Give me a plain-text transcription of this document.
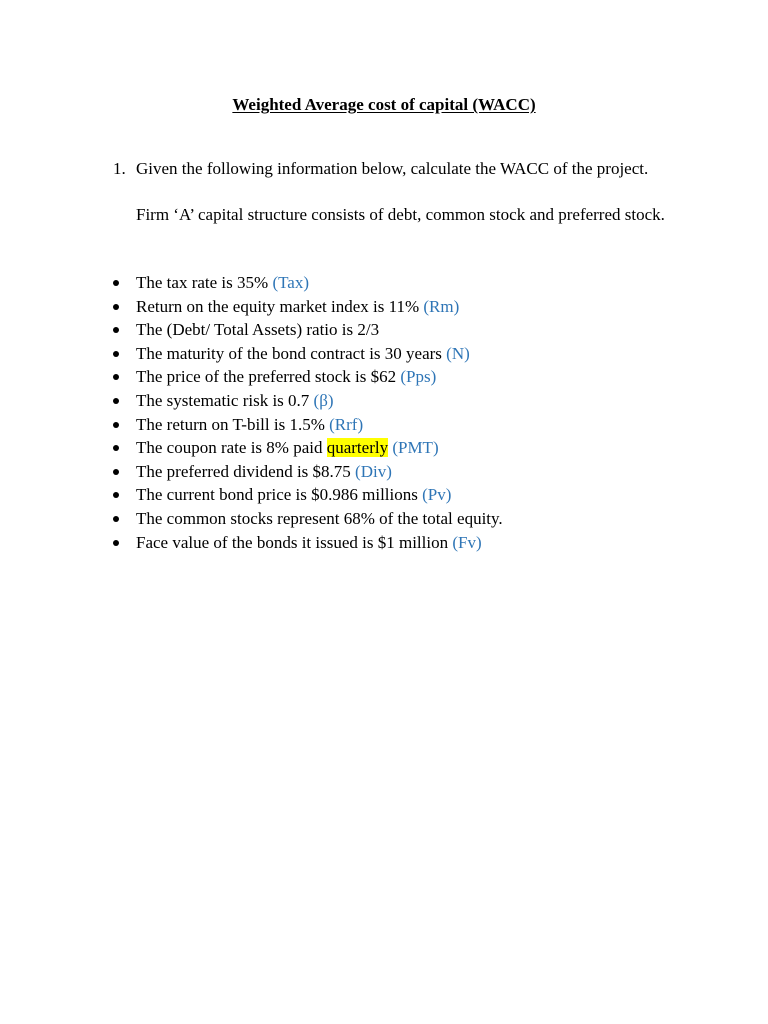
Weighted Average cost of capital (WACC)
1. Given the following information below, calculate the WACC of the project.
Firm ‘A’ capital structure consists of debt, common stock and preferred stock.
The tax rate is 35% (Tax)
Return on the equity market index is 11% (Rm)
The (Debt/ Total Assets) ratio is 2/3
The maturity of the bond contract is 30 years (N)
The price of the preferred stock is $62 (Pps)
The systematic risk is 0.7 (β)
The return on T-bill is 1.5% (Rrf)
The coupon rate is 8% paid quarterly (PMT)
The preferred dividend is $8.75 (Div)
The current bond price is $0.986 millions (Pv)
The common stocks represent 68% of the total equity.
Face value of the bonds it issued is $1 million (Fv)
